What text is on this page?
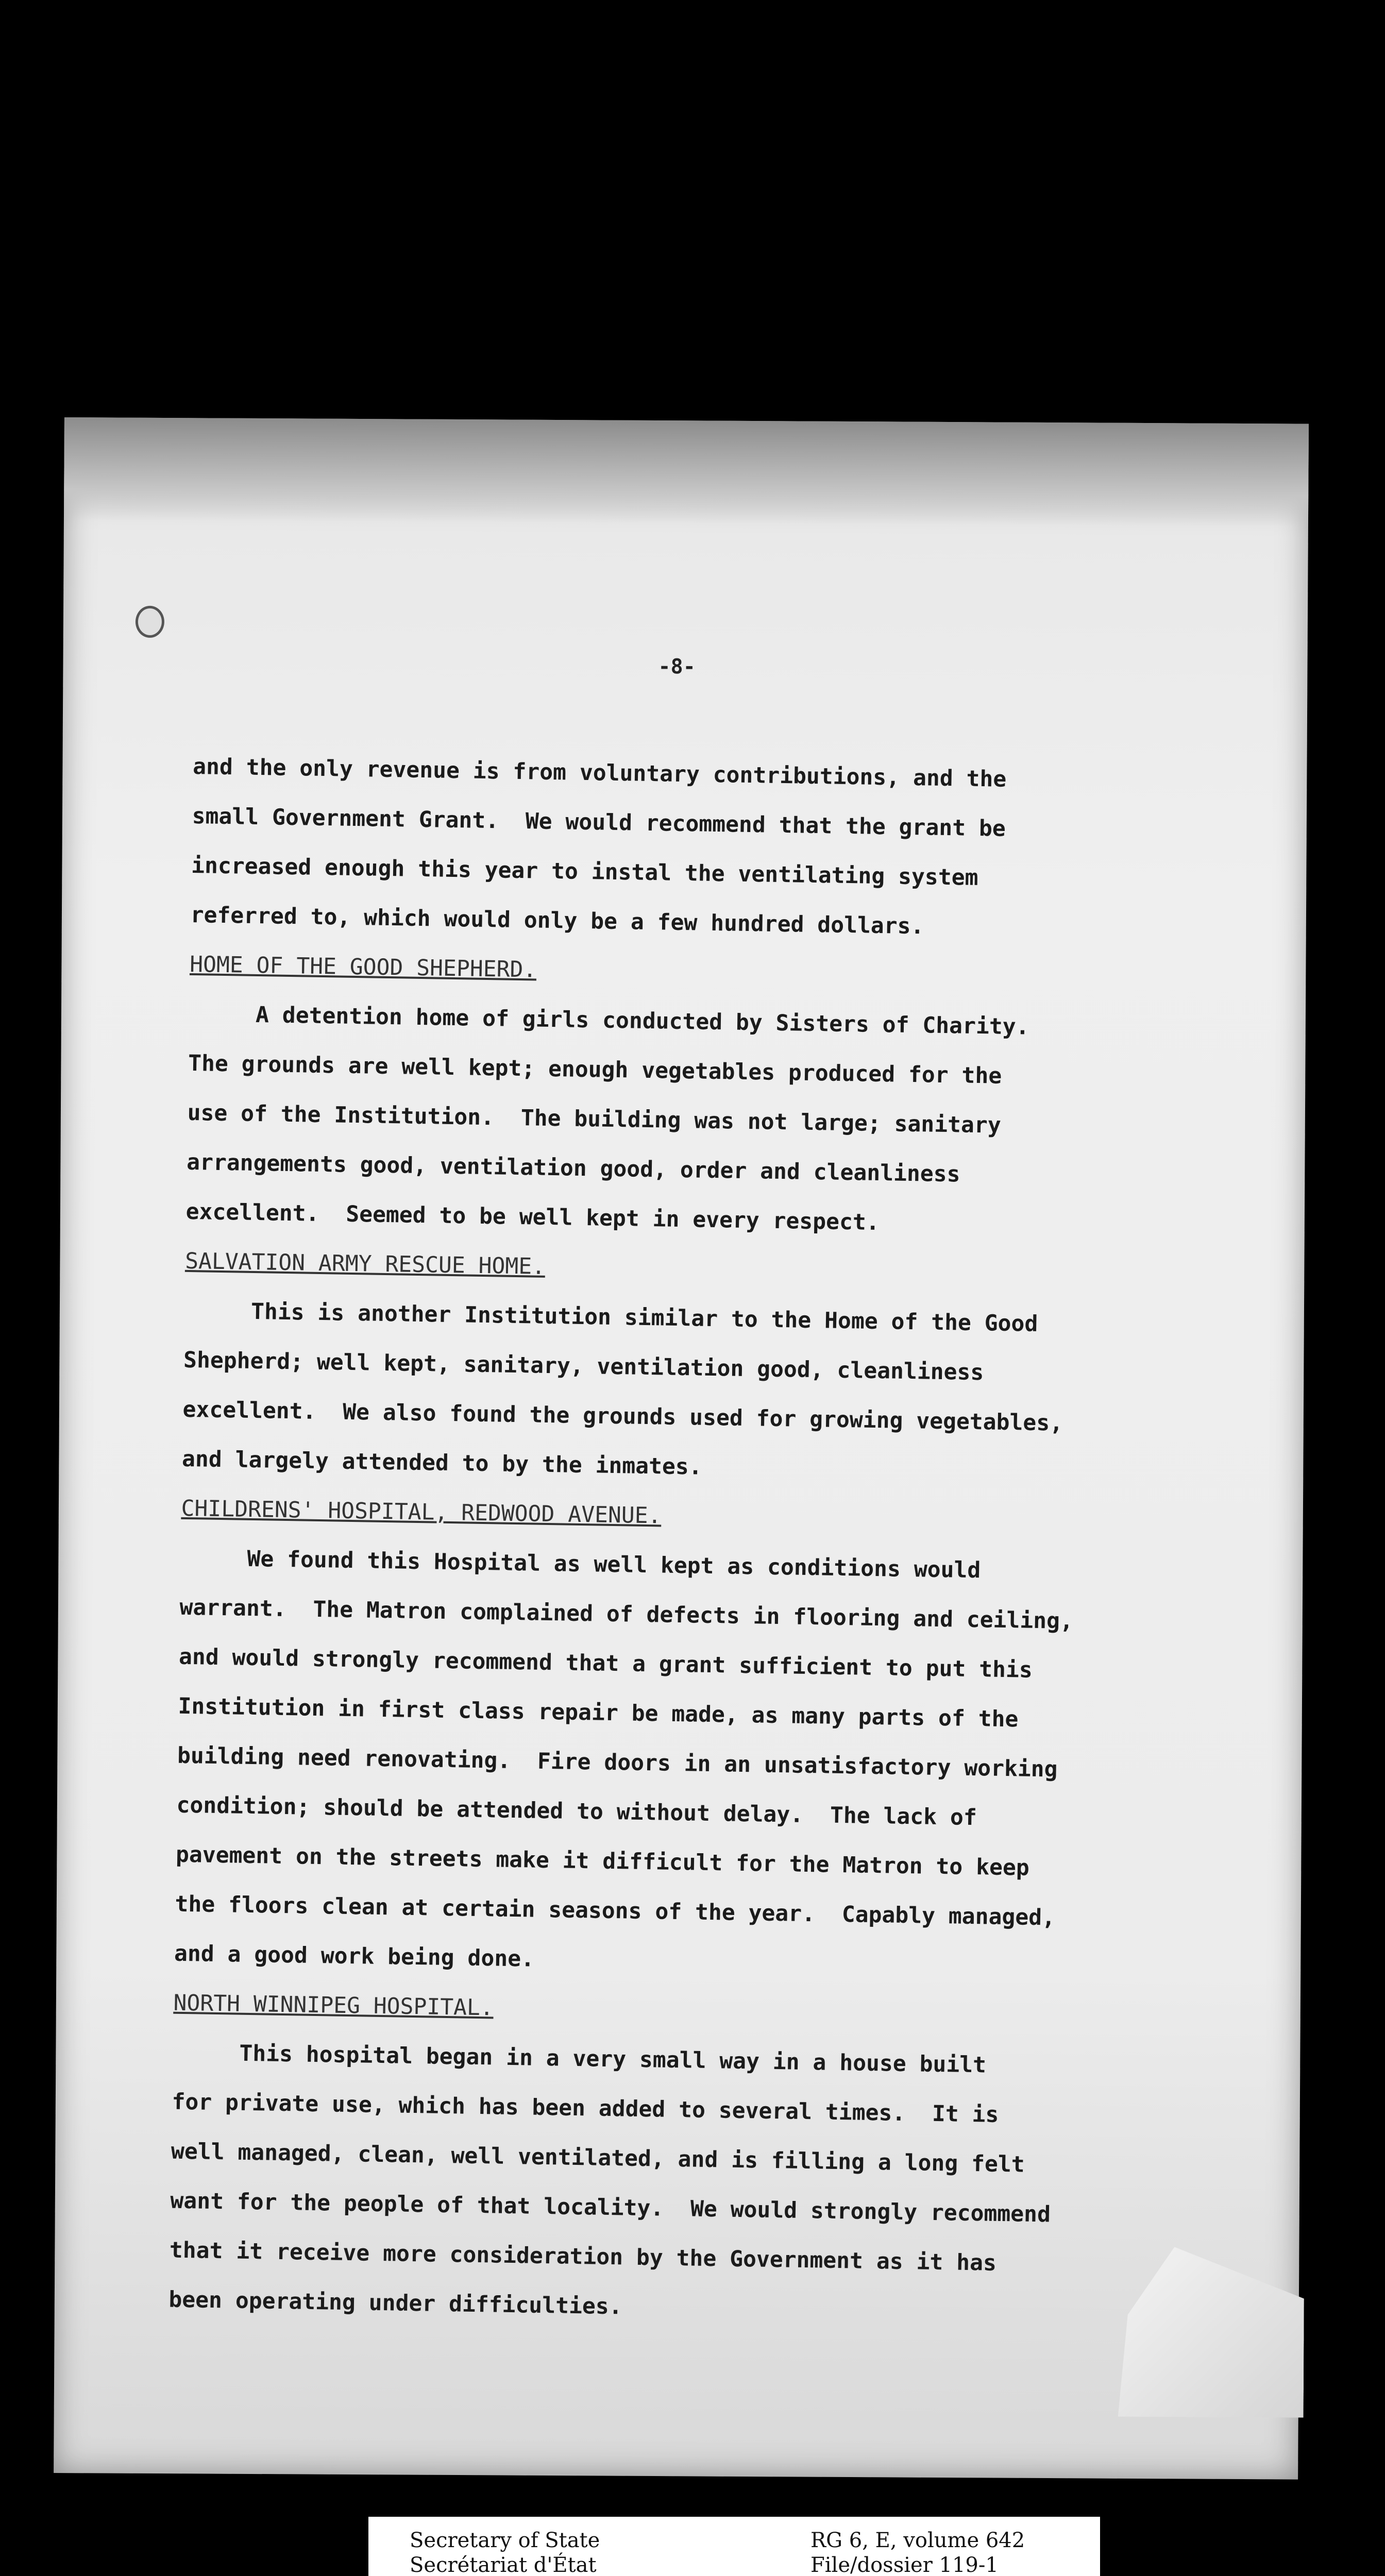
-8-
and the only revenue is from voluntary contributions, and the
small Government Grant.  We would recommend that the grant be
increased enough this year to instal the ventilating system
referred to, which would only be a few hundred dollars.
HOME OF THE GOOD SHEPHERD.
A detention home of girls conducted by Sisters of Charity.
The grounds are well kept; enough vegetables produced for the
use of the Institution.  The building was not large; sanitary
arrangements good, ventilation good, order and cleanliness
excellent.  Seemed to be well kept in every respect.
SALVATION ARMY RESCUE HOME.
This is another Institution similar to the Home of the Good
Shepherd; well kept, sanitary, ventilation good, cleanliness
excellent.  We also found the grounds used for growing vegetables,
and largely attended to by the inmates.
CHILDRENS' HOSPITAL, REDWOOD AVENUE.
We found this Hospital as well kept as conditions would
warrant.  The Matron complained of defects in flooring and ceiling,
and would strongly recommend that a grant sufficient to put this
Institution in first class repair be made, as many parts of the
building need renovating.  Fire doors in an unsatisfactory working
condition; should be attended to without delay.  The lack of
pavement on the streets make it difficult for the Matron to keep
the floors clean at certain seasons of the year.  Capably managed,
and a good work being done.
NORTH WINNIPEG HOSPITAL.
This hospital began in a very small way in a house built
for private use, which has been added to several times.  It is
well managed, clean, well ventilated, and is filling a long felt
want for the people of that locality.  We would strongly recommend
that it receive more consideration by the Government as it has
been operating under difficulties.
Secretary of State
Secrétariat d'État
RG 6, E, volume 642
File/dossier 119-1
